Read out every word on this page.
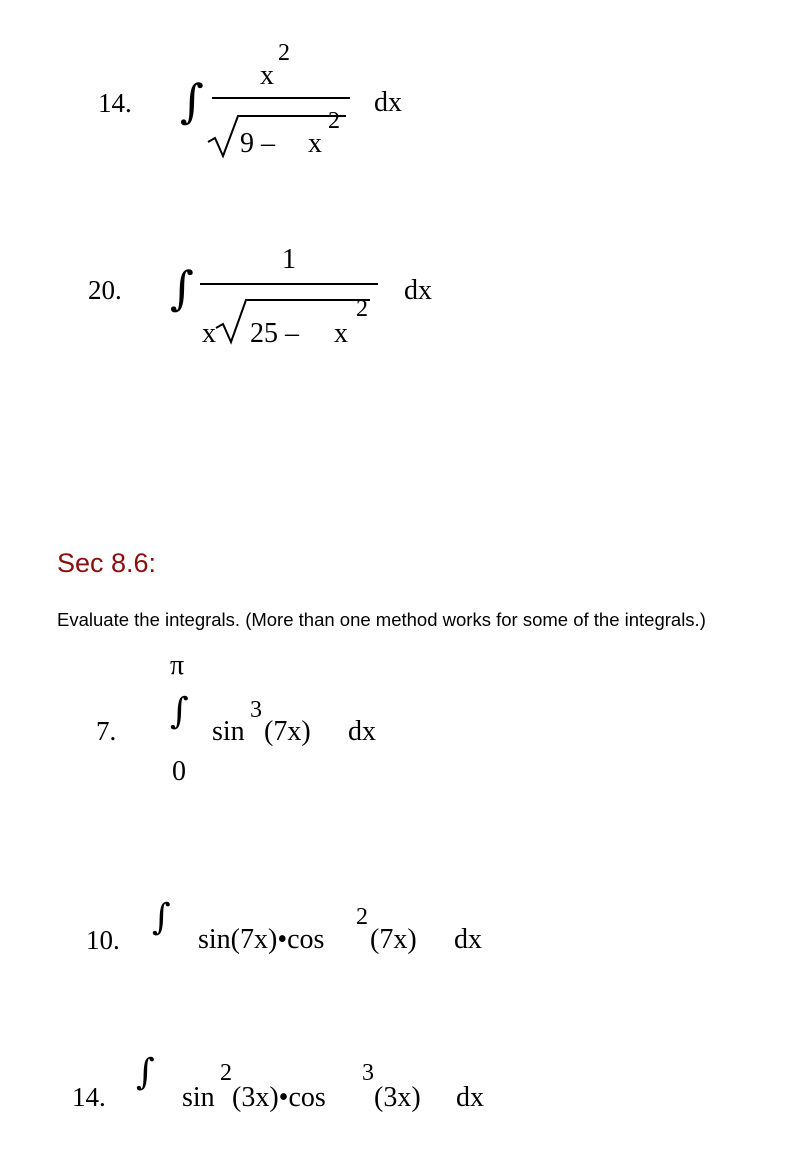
14. ∫ x
2
9 – x
2
dx
20. ∫
1
x 25 – x
2
dx
Sec 8.6:
Evaluate the integrals. (More than one method works for some of the integrals.)
7.
π
∫
0
sin
3
(7x) dx
10.
∫
sin(7x)•cos
2
(7x) dx
14.
∫
sin
2
(3x)•cos
3
(3x) dx
